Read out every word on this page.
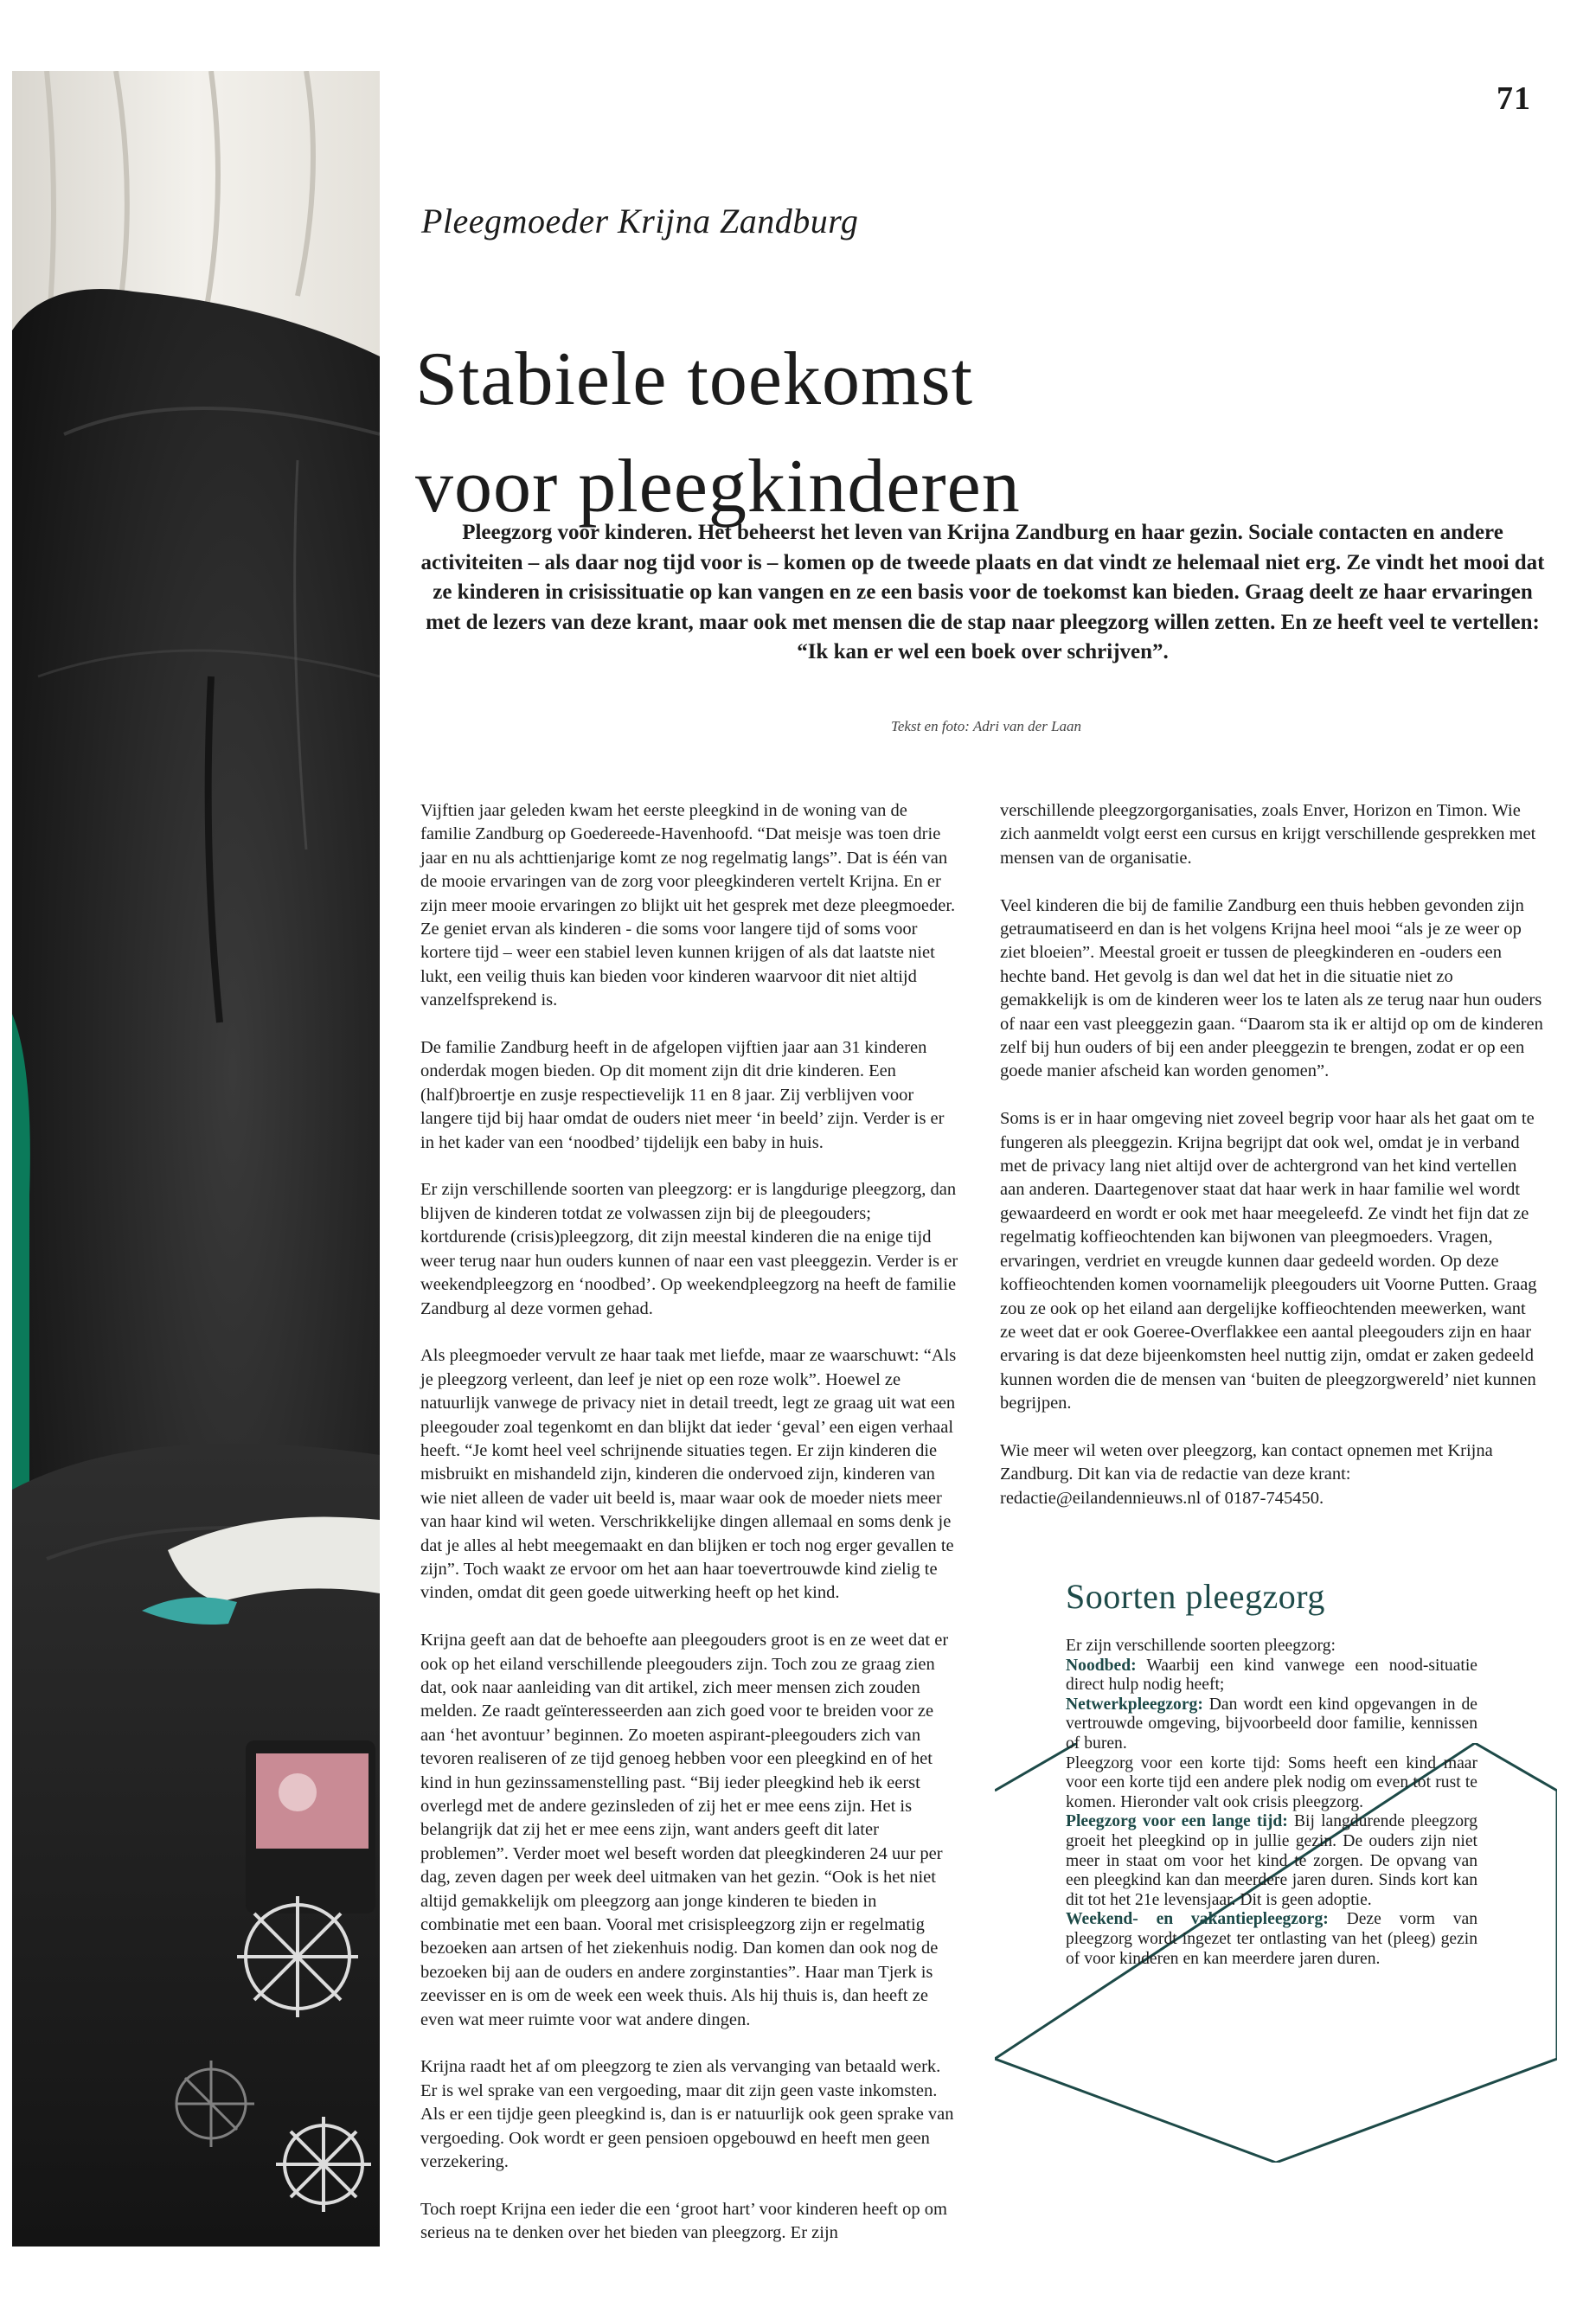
71
Pleegmoeder Krijna Zandburg
Stabiele toekomst
voor pleegkinderen
Pleegzorg voor kinderen. Het beheerst het leven van Krijna Zandburg en haar gezin. Sociale contacten en andere activiteiten – als daar nog tijd voor is – komen op de tweede plaats en dat vindt ze helemaal niet erg. Ze vindt het mooi dat ze kinderen in crisissituatie op kan vangen en ze een basis voor de toekomst kan bieden. Graag deelt ze haar ervaringen met de lezers van deze krant, maar ook met mensen die de stap naar pleegzorg willen zetten. En ze heeft veel te vertellen: “Ik kan er wel een boek over schrijven”.
Tekst en foto: Adri van der Laan

Vijftien jaar geleden kwam het eerste pleegkind in de woning van de familie Zandburg op Goedereede-Havenhoofd. “Dat meisje was toen drie jaar en nu als achttienjarige komt ze nog regelmatig langs”. Dat is één van de mooie ervaringen van de zorg voor pleegkinderen vertelt Krijna. En er zijn meer mooie ervaringen zo blijkt uit het gesprek met deze pleegmoeder. Ze geniet ervan als kinderen - die soms voor langere tijd of soms voor kortere tijd – weer een stabiel leven kunnen krijgen of als dat laatste niet lukt, een veilig thuis kan bieden voor kinderen waarvoor dit niet altijd vanzelfsprekend is.

De familie Zandburg heeft in de afgelopen vijftien jaar aan 31 kinderen onderdak mogen bieden. Op dit moment zijn dit drie kinderen. Een (half)broertje en zusje respectievelijk 11 en 8 jaar. Zij verblijven voor langere tijd bij haar omdat de ouders niet meer ‘in beeld’ zijn. Verder is er in het kader van een ‘noodbed’ tijdelijk een baby in huis.

Er zijn verschillende soorten van pleegzorg: er is langdurige pleegzorg, dan blijven de kinderen totdat ze volwassen zijn bij de pleegouders; kortdurende (crisis)pleegzorg, dit zijn meestal kinderen die na enige tijd weer terug naar hun ouders kunnen of naar een vast pleeggezin. Verder is er weekendpleegzorg en ‘noodbed’. Op weekendpleegzorg na heeft de familie Zandburg al deze vormen gehad.

Als pleegmoeder vervult ze haar taak met liefde, maar ze waarschuwt: “Als je pleegzorg verleent, dan leef je niet op een roze wolk”. Hoewel ze natuurlijk vanwege de privacy niet in detail treedt, legt ze graag uit wat een pleegouder zoal tegenkomt en dan blijkt dat ieder ‘geval’ een eigen verhaal heeft. “Je komt heel veel schrijnende situaties tegen. Er zijn kinderen die misbruikt en mishandeld zijn, kinderen die ondervoed zijn, kinderen van wie niet alleen de vader uit beeld is, maar waar ook de moeder niets meer van haar kind wil weten. Verschrikkelijke dingen allemaal en soms denk je dat je alles al hebt meegemaakt en dan blijken er toch nog erger gevallen te zijn”. Toch waakt ze ervoor om het aan haar toevertrouwde kind zielig te vinden, omdat dit geen goede uitwerking heeft op het kind.

Krijna geeft aan dat de behoefte aan pleegouders groot is en ze weet dat er ook op het eiland verschillende pleegouders zijn. Toch zou ze graag zien dat, ook naar aanleiding van dit artikel, zich meer mensen zich zouden melden. Ze raadt geïnteresseerden aan zich goed voor te breiden voor ze aan ‘het avontuur’ beginnen. Zo moeten aspirant-pleegouders zich van tevoren realiseren of ze tijd genoeg hebben voor een pleegkind en of het kind in hun gezinssamenstelling past. “Bij ieder pleegkind heb ik eerst overlegd met de andere gezinsleden of zij het er mee eens zijn. Het is belangrijk dat zij het er mee eens zijn, want anders geeft dit later problemen”. Verder moet wel beseft worden dat pleegkinderen 24 uur per dag, zeven dagen per week deel uitmaken van het gezin. “Ook is het niet altijd gemakkelijk om pleegzorg aan jonge kinderen te bieden in combinatie met een baan. Vooral met crisispleegzorg zijn er regelmatig bezoeken aan artsen of het ziekenhuis nodig. Dan komen dan ook nog de bezoeken bij aan de ouders en andere zorginstanties”. Haar man Tjerk is zeevisser en is om de week een week thuis. Als hij thuis is, dan heeft ze even wat meer ruimte voor wat andere dingen.

Krijna raadt het af om pleegzorg te zien als vervanging van betaald werk. Er is wel sprake van een vergoeding, maar dit zijn geen vaste inkomsten. Als er een tijdje geen pleegkind is, dan is er natuurlijk ook geen sprake van vergoeding. Ook wordt er geen pensioen opgebouwd en heeft men geen verzekering.

Toch roept Krijna een ieder die een ‘groot hart’ voor kinderen heeft op om serieus na te denken over het bieden van pleegzorg. Er zijn

verschillende pleegzorgorganisaties, zoals Enver, Horizon en Timon. Wie zich aanmeldt volgt eerst een cursus en krijgt verschillende gesprekken met mensen van de organisatie.

Veel kinderen die bij de familie Zandburg een thuis hebben gevonden zijn getraumatiseerd en dan is het volgens Krijna heel mooi “als je ze weer op ziet bloeien”. Meestal groeit er tussen de pleegkinderen en -ouders een hechte band. Het gevolg is dan wel dat het in die situatie niet zo gemakkelijk is om de kinderen weer los te laten als ze terug naar hun ouders of naar een vast pleeggezin gaan. “Daarom sta ik er altijd op om de kinderen zelf bij hun ouders of bij een ander pleeggezin te brengen, zodat er op een goede manier afscheid kan worden genomen”.

Soms is er in haar omgeving niet zoveel begrip voor haar als het gaat om te fungeren als pleeggezin. Krijna begrijpt dat ook wel, omdat je in verband met de privacy lang niet altijd over de achtergrond van het kind vertellen aan anderen. Daartegenover staat dat haar werk in haar familie wel wordt gewaardeerd en wordt er ook met haar meegeleefd. Ze vindt het fijn dat ze regelmatig koffieochtenden kan bijwonen van pleegmoeders. Vragen, ervaringen, verdriet en vreugde kunnen daar gedeeld worden. Op deze koffieochtenden komen voornamelijk pleegouders uit Voorne Putten. Graag zou ze ook op het eiland aan dergelijke koffieochtenden meewerken, want ze weet dat er ook Goeree-Overflakkee een aantal pleegouders zijn en haar ervaring is dat deze bijeenkomsten heel nuttig zijn, omdat er zaken gedeeld kunnen worden die de mensen van ‘buiten de pleegzorgwereld’ niet kunnen begrijpen.

Wie meer wil weten over pleegzorg, kan contact opnemen met Krijna Zandburg. Dit kan via de redactie van deze krant: redactie@eilandennieuws.nl of 0187-745450.

Soorten pleegzorg

Er zijn verschillende soorten pleegzorg:

Noodbed: Waarbij een kind vanwege een nood-situatie direct hulp nodig heeft;

Netwerkpleegzorg: Dan wordt een kind opgevangen in de vertrouwde omgeving, bijvoorbeeld door familie, kennissen of buren.

Pleegzorg voor een korte tijd: Soms heeft een kind maar voor een korte tijd een andere plek nodig om even tot rust te komen. Hieronder valt ook crisis pleegzorg.

Pleegzorg voor een lange tijd: Bij langdurende pleegzorg groeit het pleegkind op in jullie gezin. De ouders zijn niet meer in staat om voor het kind te zorgen. De opvang van een pleegkind kan dan meerdere jaren duren. Sinds kort kan dit tot het 21e levensjaar. Dit is geen adoptie.

Weekend- en vakantiepleegzorg: Deze vorm van pleegzorg wordt ingezet ter ontlasting van het (pleeg) gezin of voor kinderen en kan meerdere jaren duren.
